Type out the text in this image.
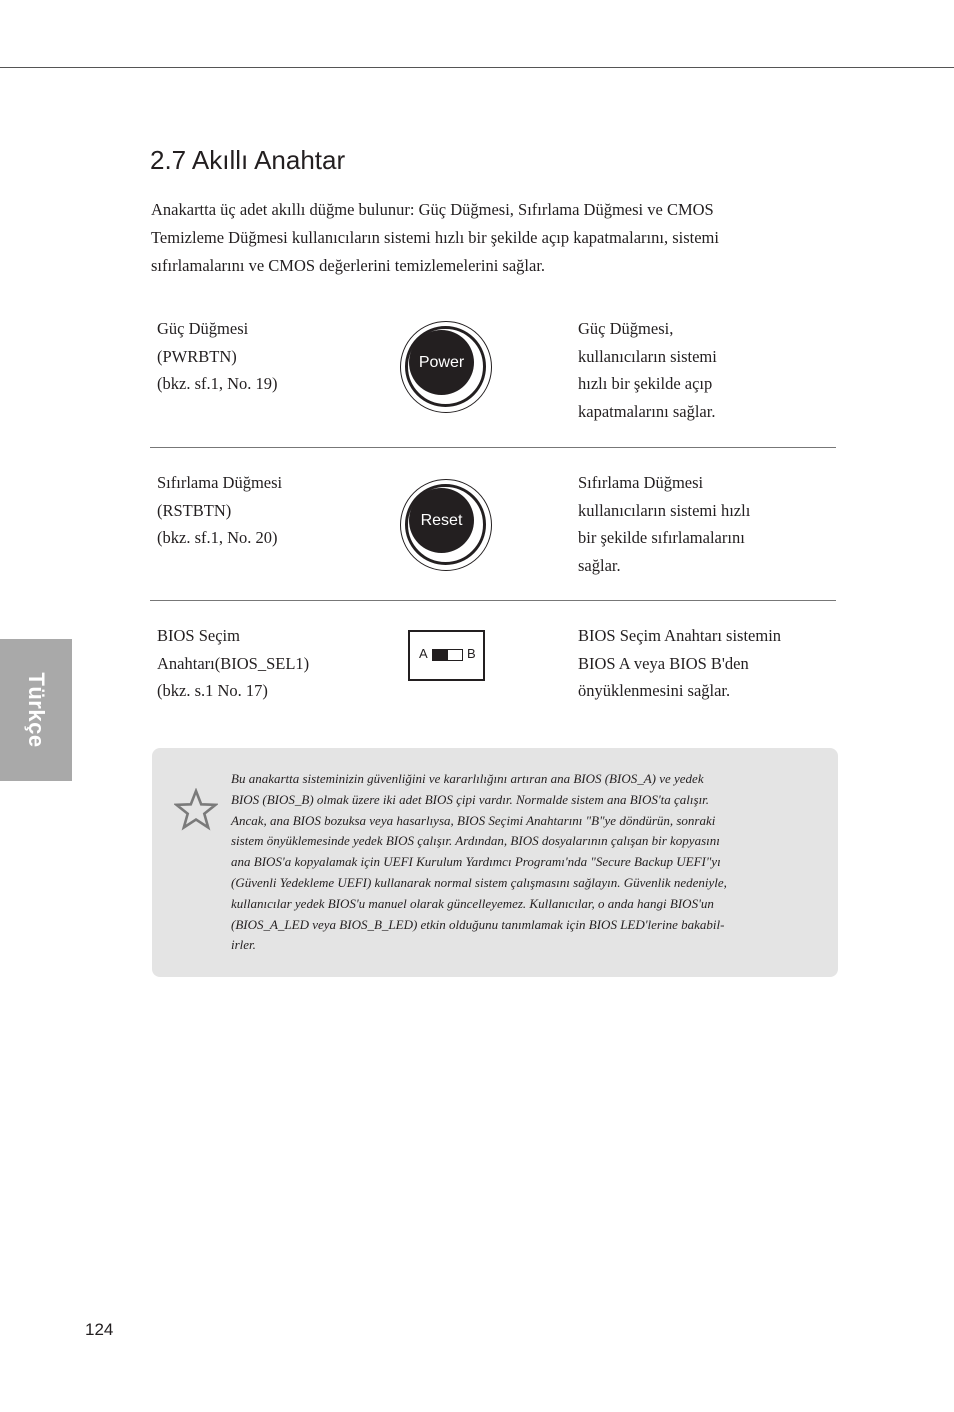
Türkçe
2.7 Akıllı Anahtar

Anakartta üç adet akıllı düğme bulunur: Güç Düğmesi, Sıfırlama Düğmesi ve CMOS
Temizleme Düğmesi kullanıcıların sistemi hızlı bir şekilde açıp kapatmalarını, sistemi
sıfırlamalarını ve CMOS değerlerini temizlemelerini sağlar.

Güç Düğmesi
(PWRBTN)
(bkz. sf.1, No. 19)
Power
Güç Düğmesi,
kullanıcıların sistemi
hızlı bir şekilde açıp
kapatmalarını sağlar.
Sıfırlama Düğmesi
(RSTBTN)
(bkz. sf.1, No. 20)
Reset
Sıfırlama Düğmesi
kullanıcıların sistemi hızlı
bir şekilde sıfırlamalarını
sağlar.
BIOS Seçim
Anahtarı(BIOS_SEL1)
(bkz. s.1 No. 17)
A	B
BIOS Seçim Anahtarı sistemin
BIOS A veya BIOS B'den
önyüklenmesini sağlar.

Bu anakartta sisteminizin güvenliğini ve kararlılığını artıran ana BIOS (BIOS_A) ve yedek
BIOS (BIOS_B) olmak üzere iki adet BIOS çipi vardır. Normalde sistem ana BIOS'ta çalışır.
Ancak, ana BIOS bozuksa veya hasarlıysa, BIOS Seçimi Anahtarını "B"ye döndürün, sonraki
sistem önyüklemesinde yedek BIOS çalışır. Ardından, BIOS dosyalarının çalışan bir kopyasını
ana BIOS'a kopyalamak için UEFI Kurulum Yardımcı Programı'nda "Secure Backup UEFI"yı
(Güvenli Yedekleme UEFI) kullanarak normal sistem çalışmasını sağlayın. Güvenlik nedeniyle,
kullanıcılar yedek BIOS'u manuel olarak güncelleyemez. Kullanıcılar, o anda hangi BIOS'un
(BIOS_A_LED veya BIOS_B_LED) etkin olduğunu tanımlamak için BIOS LED'lerine bakabil-
irler.

124
